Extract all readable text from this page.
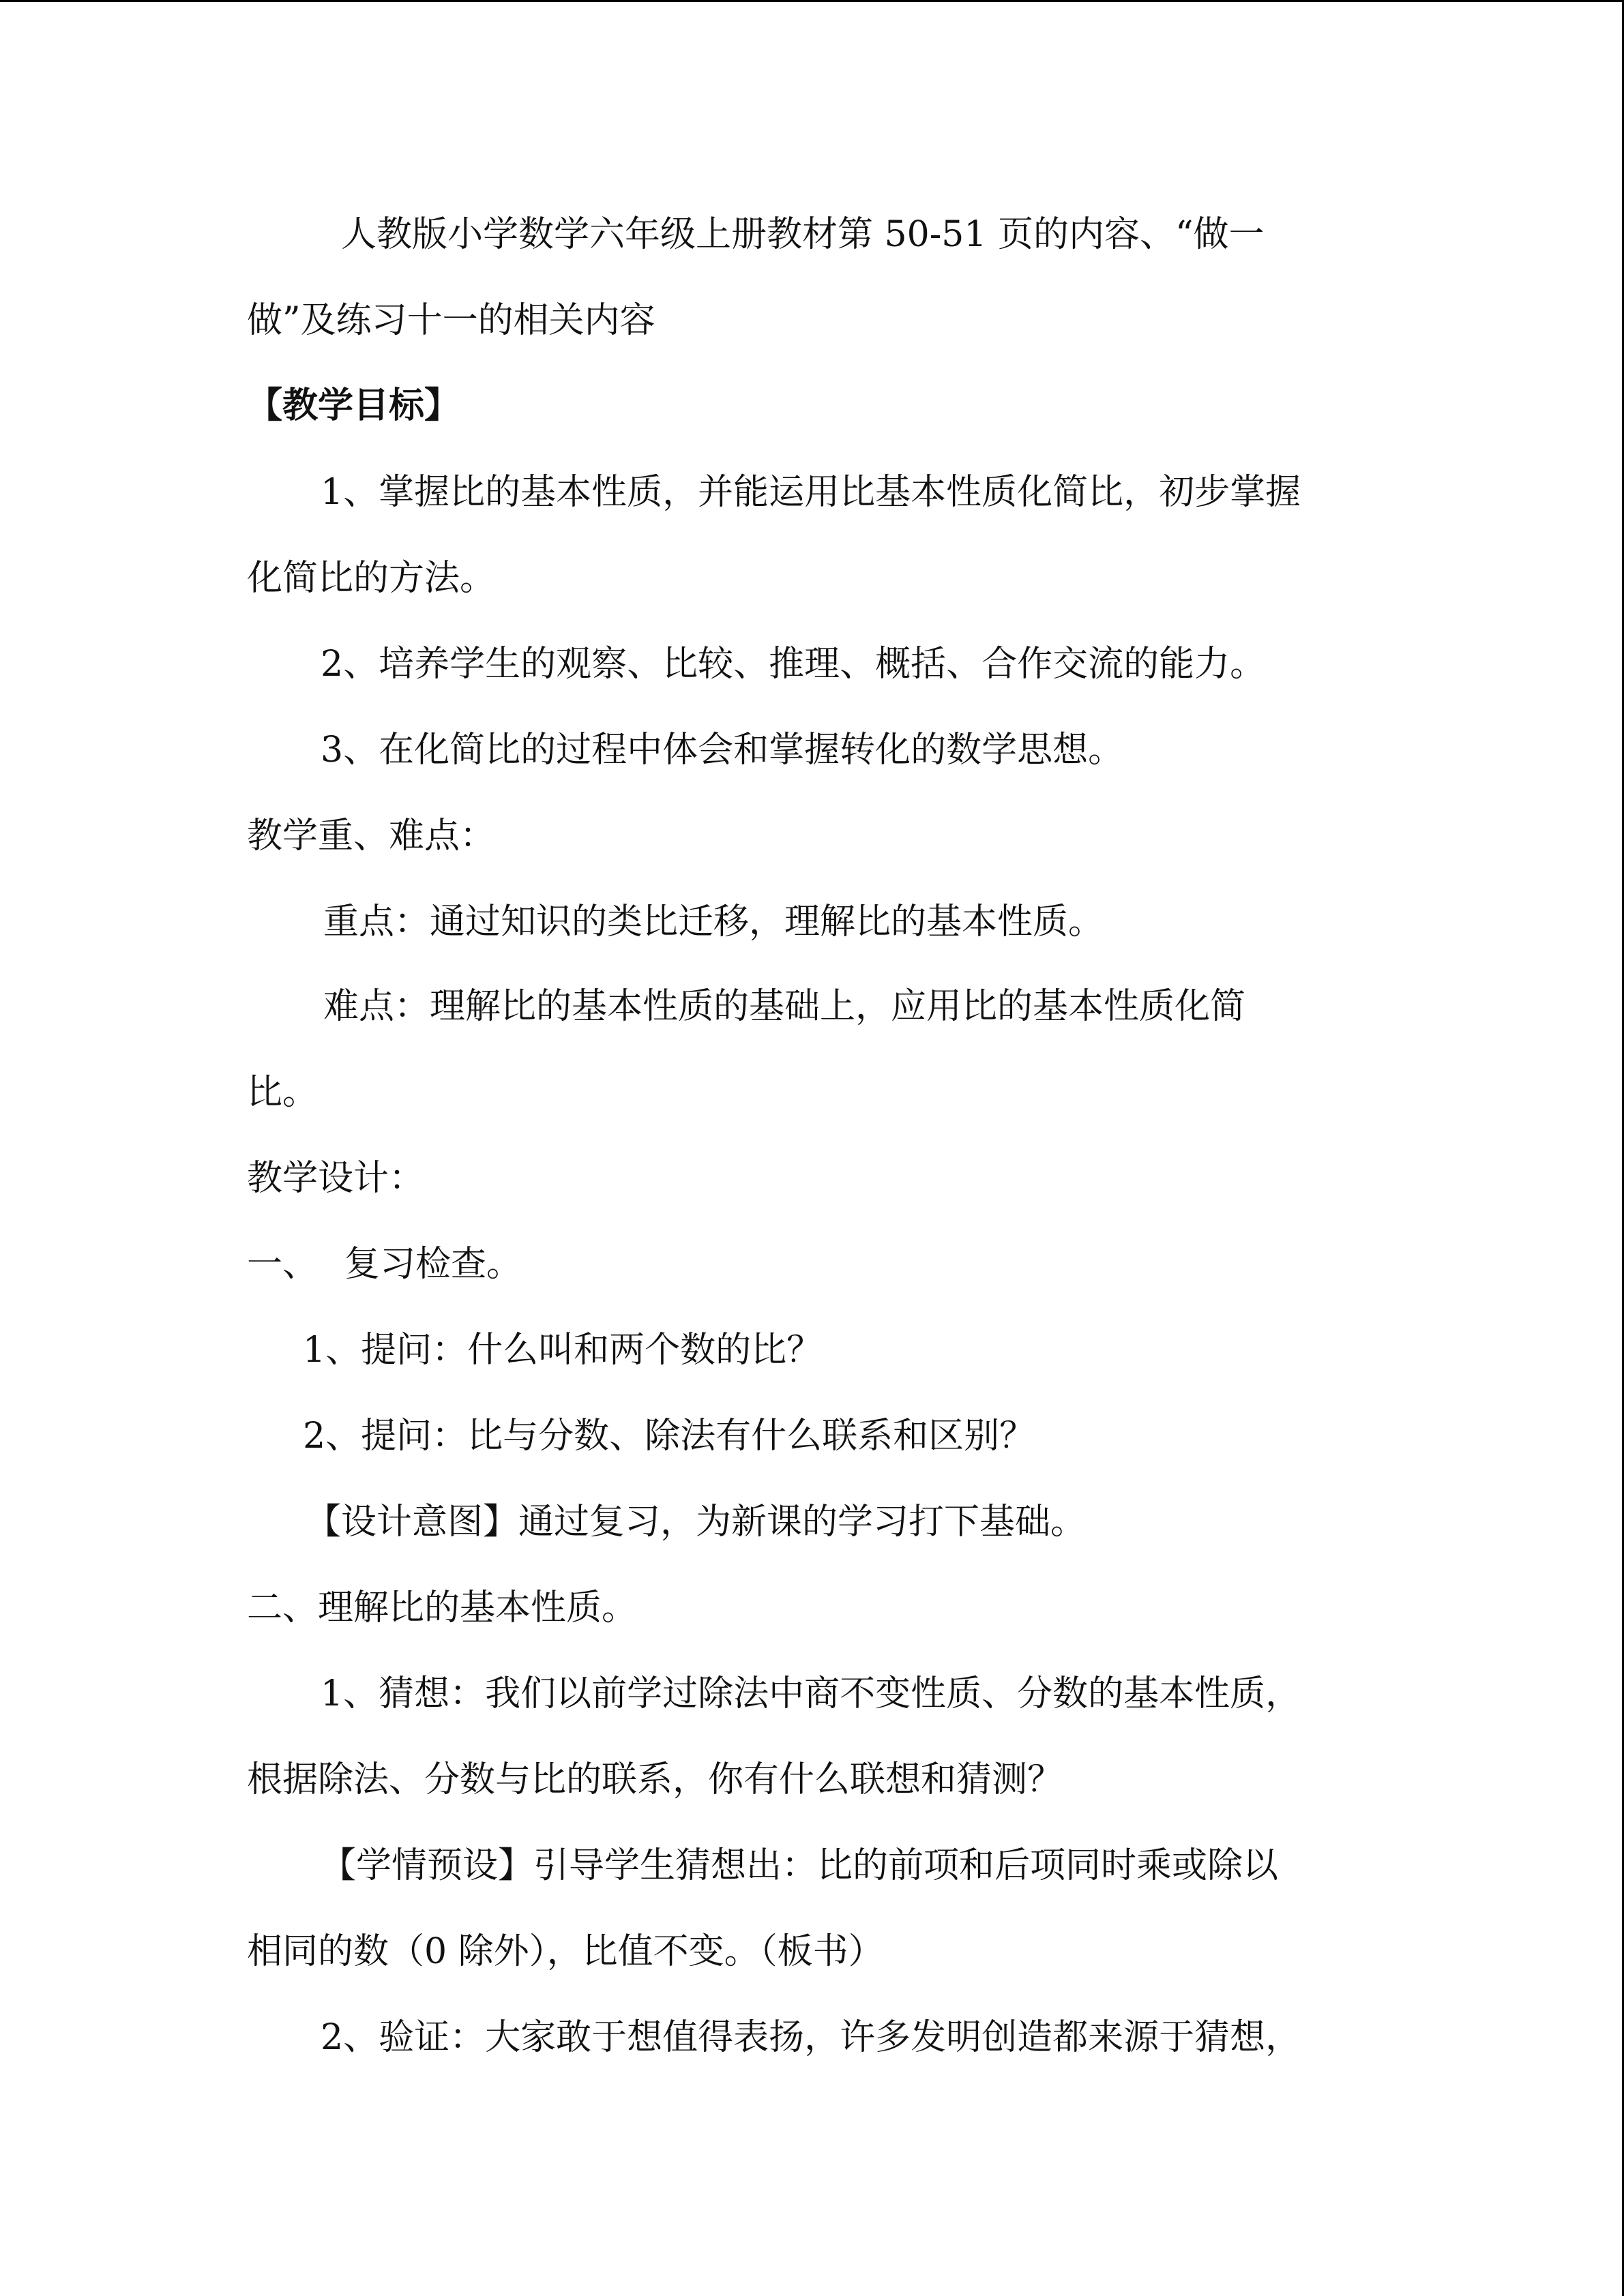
人教版小学数学六年级上册教材第 50-51 页的内容、“做一

做”及练习十一的相关内容

【教学目标】

1、掌握比的基本性质，并能运用比基本性质化简比，初步掌握

化简比的方法。

2、培养学生的观察、比较、推理、概括、合作交流的能力。

3、在化简比的过程中体会和掌握转化的数学思想。

教学重、难点：

重点：通过知识的类比迁移，理解比的基本性质。

难点：理解比的基本性质的基础上，应用比的基本性质化简

比。

教学设计：

一、 复习检查。

1、提问：什么叫和两个数的比？

2、提问：比与分数、除法有什么联系和区别？

【设计意图】通过复习，为新课的学习打下基础。

二、理解比的基本性质。

1、猜想：我们以前学过除法中商不变性质、分数的基本性质，

根据除法、分数与比的联系，你有什么联想和猜测？

【学情预设】引导学生猜想出：比的前项和后项同时乘或除以

相同的数（0 除外），比值不变。（板书）

2、验证：大家敢于想值得表扬，许多发明创造都来源于猜想，
